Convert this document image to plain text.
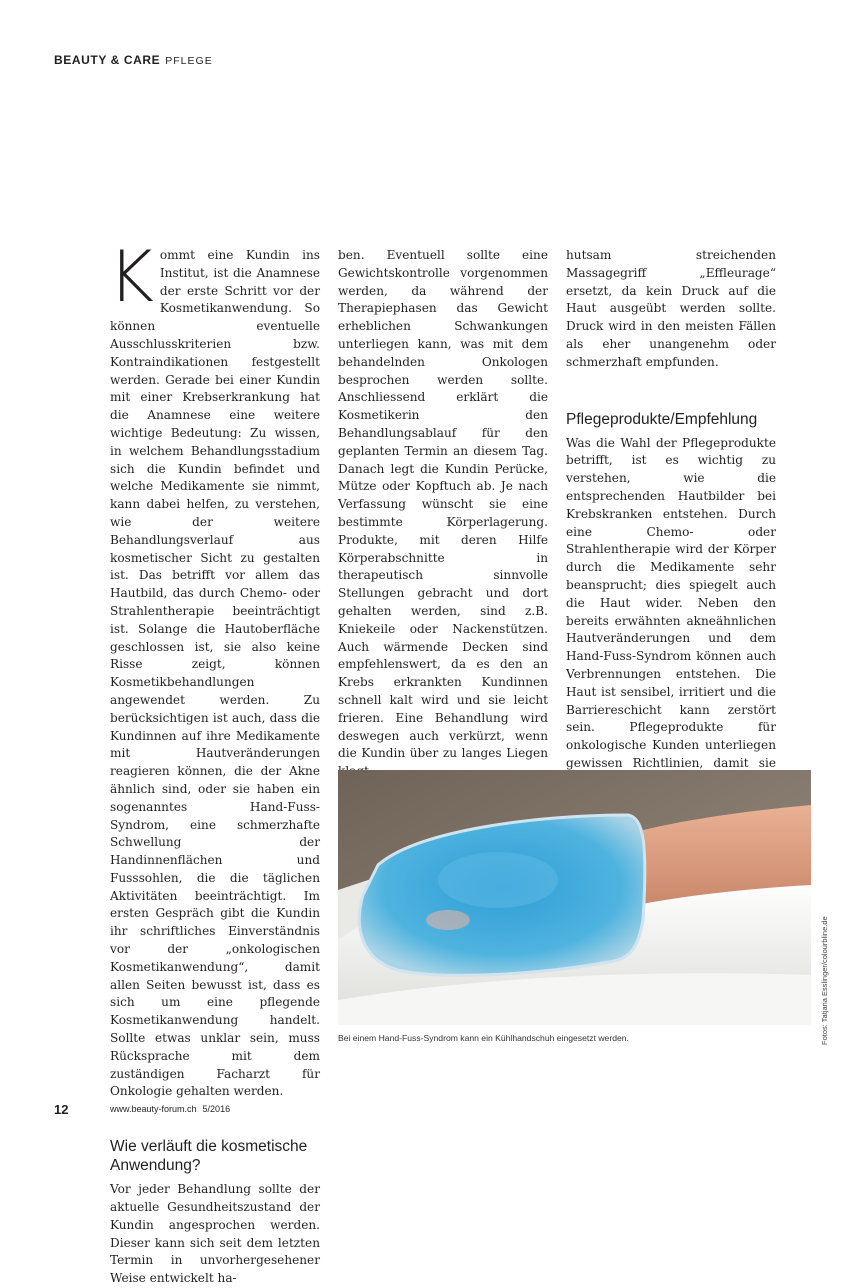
BEAUTY & CARE PFLEGE
K ommt eine Kundin ins Institut, ist die Anamnese der erste Schritt vor der Kosmetikanwendung. So können eventuelle Ausschlusskriterien bzw. Kontraindikationen festgestellt werden. Gerade bei einer Kundin mit einer Krebserkrankung hat die Anamnese eine weitere wichtige Bedeutung: Zu wissen, in welchem Behandlungsstadium sich die Kundin befindet und welche Medikamente sie nimmt, kann dabei helfen, zu verstehen, wie der weitere Behandlungsverlauf aus kosmetischer Sicht zu gestalten ist. Das betrifft vor allem das Hautbild, das durch Chemo- oder Strahlentherapie beeinträchtigt ist. Solange die Hautoberfläche geschlossen ist, sie also keine Risse zeigt, können Kosmetikbehandlungen angewendet werden. Zu berücksichtigen ist auch, dass die Kundinnen auf ihre Medikamente mit Hautveränderungen reagieren können, die der Akne ähnlich sind, oder sie haben ein sogenanntes Hand-Fuss-Syndrom, eine schmerzhafte Schwellung der Handinnenflächen und Fusssohlen, die die täglichen Aktivitäten beeinträchtigt. Im ersten Gespräch gibt die Kundin ihr schriftliches Einverständnis vor der „onkologischen Kosmetikanwendung“, damit allen Seiten bewusst ist, dass es sich um eine pflegende Kosmetikanwendung handelt. Sollte etwas unklar sein, muss Rücksprache mit dem zuständigen Facharzt für Onkologie gehalten werden.

Wie verläuft die kosmetische Anwendung?

Vor jeder Behandlung sollte der aktuelle Gesundheitszustand der Kundin angesprochen werden. Dieser kann sich seit dem letzten Termin in unvorhergesehener Weise entwickelt ha-

ben. Eventuell sollte eine Gewichtskontrolle vorgenommen werden, da während der Therapiephasen das Gewicht erheblichen Schwankungen unterliegen kann, was mit dem behandelnden Onkologen besprochen werden sollte. Anschliessend erklärt die Kosmetikerin den Behandlungsablauf für den geplanten Termin an diesem Tag. Danach legt die Kundin Perücke, Mütze oder Kopftuch ab. Je nach Verfassung wünscht sie eine bestimmte Körperlagerung. Produkte, mit deren Hilfe Körperabschnitte in therapeutisch sinnvolle Stellungen gebracht und dort gehalten werden, sind z.B. Kniekeile oder Nackenstützen. Auch wärmende Decken sind empfehlenswert, da es den an Krebs erkrankten Kundinnen schnell kalt wird und sie leicht frieren. Eine Behandlung wird deswegen auch verkürzt, wenn die Kundin über zu langes Liegen

hutsam streichenden Massagegriff „Effleurage“ ersetzt, da kein Druck auf die Haut ausgeübt werden sollte. Druck wird in den meisten Fällen als eher unangenehm oder schmerzhaft empfunden.

Pflegeprodukte/Empfehlung

Was die Wahl der Pflegeprodukte betrifft, ist es wichtig zu verstehen, wie die entsprechenden Hautbilder bei Krebskranken entstehen. Durch eine Chemo- oder Strahlentherapie wird der Körper durch die Medikamente sehr beansprucht; dies spiegelt auch die Haut wider. Neben den bereits erwähnten akneähnlichen Hautveränderungen und dem Hand-Fuss-Syndrom können auch Verbrennungen entstehen. Die Haut ist sensibel, irritiert und die Barriereschicht kann zerstört sein. Pflegeprodukte für onkologische Kunden unterliegen gewissen Richtlinien, damit sie

Bei einem Hand-Fuss-Syndrom kann ein Kühlhandschuh eingesetzt werden.	Fotos: Tatjana Esslinger/colourbline.de
12	www.beauty-forum.ch 5/2016
